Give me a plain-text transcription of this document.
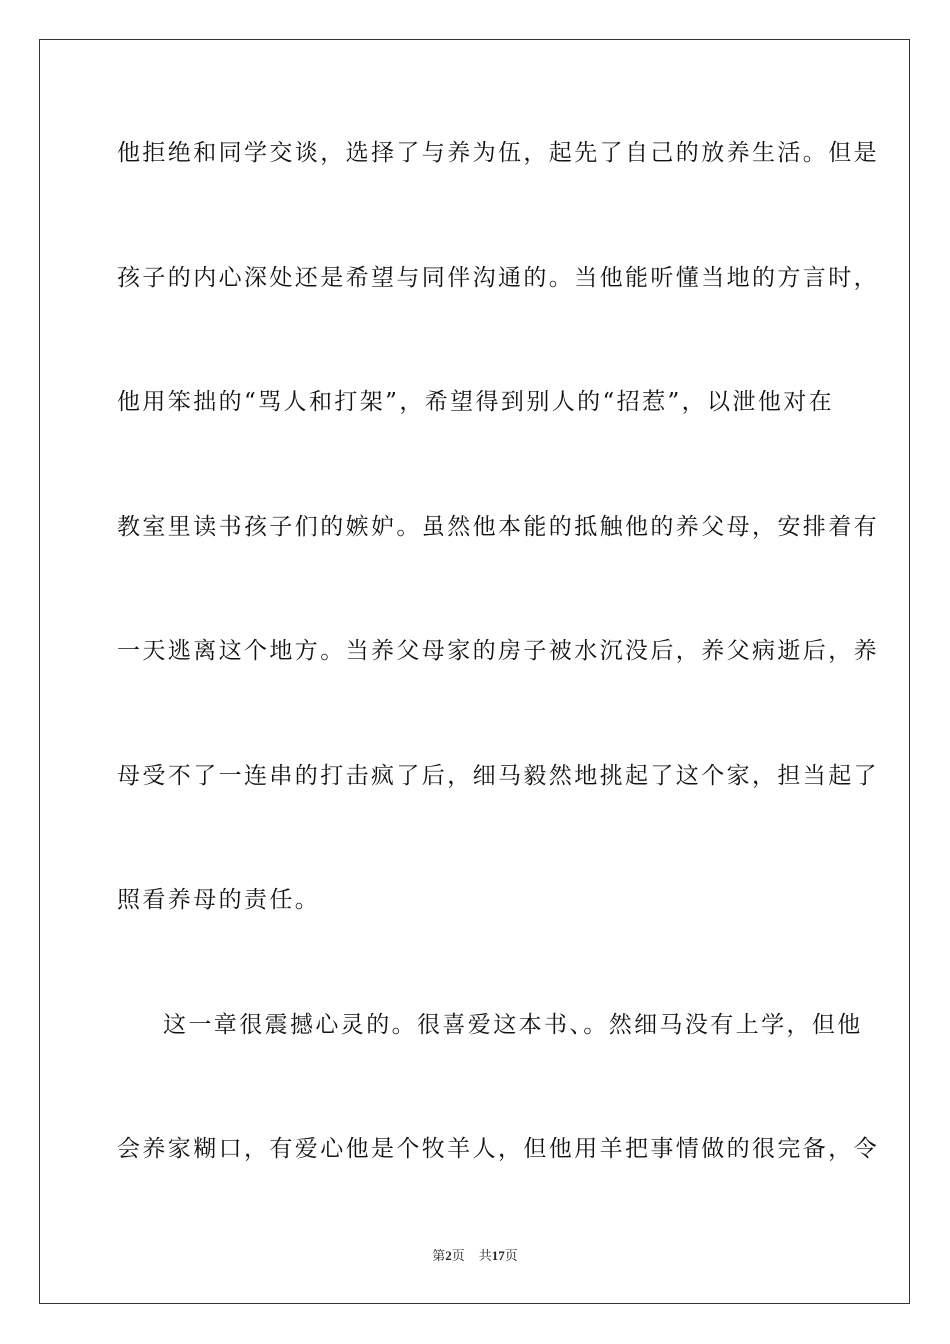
他拒绝和同学交谈，选择了与养为伍，起先了自己的放养生活。但是
孩子的内心深处还是希望与同伴沟通的。当他能听懂当地的方言时，
他用笨拙的“骂人和打架”，希望得到别人的“招惹”，以泄他对在
教室里读书孩子们的嫉妒。虽然他本能的抵触他的养父母，安排着有
一天逃离这个地方。当养父母家的房子被水沉没后，养父病逝后，养
母受不了一连串的打击疯了后，细马毅然地挑起了这个家，担当起了
照看养母的责任。
这一章很震撼心灵的。很喜爱这本书、。然细马没有上学，但他
会养家糊口，有爱心他是个牧羊人，但他用羊把事情做的很完备，令
第2页 共17页
